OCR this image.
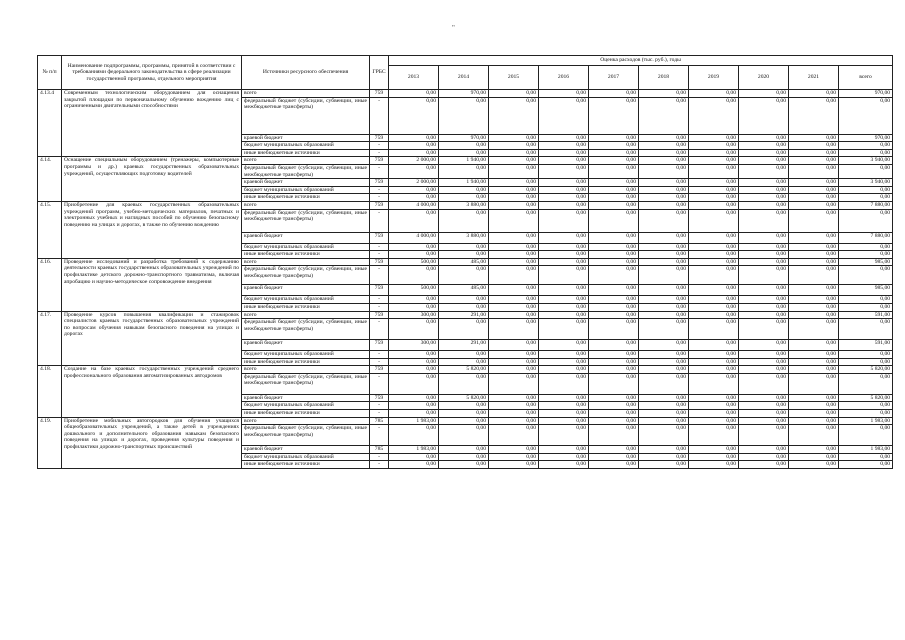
"
№ п/п	Наименование подпрограммы, программы, принятой в соответствии с требованиями федерального законодательства в сфере реализации государственной программы, отдельного мероприятия	Источники ресурсного обеспечения	ГРБС	Оценка расходов (тыс. руб.), годы									
				2013	2014	2015	2016	2017	2018	2019	2020	2021	всего
4.13.4	Современным технологическим оборудованием для оснащения закрытой площадки по первоначальному обучению вождению лиц с ограниченными двигательными способностями	всего	759	0,00	970,00	0,00	0,00	0,00	0,00	0,00	0,00	0,00	970,00
		федеральный бюджет (субсидии, субвенции, иные межбюджетные трансферты)	-	0,00	0,00	0,00	0,00	0,00	0,00	0,00	0,00	0,00	0,00
		краевой бюджет	759	0,00	970,00	0,00	0,00	0,00	0,00	0,00	0,00	0,00	970,00
		бюджет муниципальных образований	-	0,00	0,00	0,00	0,00	0,00	0,00	0,00	0,00	0,00	0,00
		иные внебюджетные источники	-	0,00	0,00	0,00	0,00	0,00	0,00	0,00	0,00	0,00	0,00
4.14.	Оснащение специальным оборудованием (тренажеры, компьютерные программы и др.) краевых государственных образовательных учреждений, осуществляющих подготовку водителей	всего	759	2 000,00	1 940,00	0,00	0,00	0,00	0,00	0,00	0,00	0,00	3 940,00
		федеральный бюджет (субсидии, субвенции, иные межбюджетные трансферты)	-	0,00	0,00	0,00	0,00	0,00	0,00	0,00	0,00	0,00	0,00
		краевой бюджет	759	2 000,00	1 940,00	0,00	0,00	0,00	0,00	0,00	0,00	0,00	3 940,00
		бюджет муниципальных образований	-	0,00	0,00	0,00	0,00	0,00	0,00	0,00	0,00	0,00	0,00
		иные внебюджетные источники	-	0,00	0,00	0,00	0,00	0,00	0,00	0,00	0,00	0,00	0,00
4.15.	Приобретение для краевых государственных образовательных учреждений программ, учебно-методических материалов, печатных и электронных учебных и наглядных пособий по обучению безопасному поведению на улицах и дорогах, в также по обучению вождению	всего	759	4 000,00	3 880,00	0,00	0,00	0,00	0,00	0,00	0,00	0,00	7 880,00
		федеральный бюджет (субсидии, субвенции, иные межбюджетные трансферты)	-	0,00	0,00	0,00	0,00	0,00	0,00	0,00	0,00	0,00	0,00
		краевой бюджет	759	4 000,00	3 880,00	0,00	0,00	0,00	0,00	0,00	0,00	0,00	7 880,00
		бюджет муниципальных образований	-	0,00	0,00	0,00	0,00	0,00	0,00	0,00	0,00	0,00	0,00
		иные внебюджетные источники	-	0,00	0,00	0,00	0,00	0,00	0,00	0,00	0,00	0,00	0,00
4.16.	Проведение исследований и разработка требований к содержанию деятельности краевых государственных образовательных учреждений по профилактике детского дорожно-транспортного травматизма, включая апробацию и научно-методическое сопровождение внедрения	всего	759	500,00	485,00	0,00	0,00	0,00	0,00	0,00	0,00	0,00	985,00
		федеральный бюджет (субсидии, субвенции, иные межбюджетные трансферты)	-	0,00	0,00	0,00	0,00	0,00	0,00	0,00	0,00	0,00	0,00
		краевой бюджет	759	500,00	485,00	0,00	0,00	0,00	0,00	0,00	0,00	0,00	985,00
		бюджет муниципальных образований	-	0,00	0,00	0,00	0,00	0,00	0,00	0,00	0,00	0,00	0,00
		иные внебюджетные источники	-	0,00	0,00	0,00	0,00	0,00	0,00	0,00	0,00	0,00	0,00
4.17.	Проведение курсов повышения квалификации и стажировок специалистов краевых государственных образовательных учреждений по вопросам обучения навыкам безопасного поведения на улицах и дорогах	всего	759	300,00	291,00	0,00	0,00	0,00	0,00	0,00	0,00	0,00	591,00
		федеральный бюджет (субсидии, субвенции, иные межбюджетные трансферты)	-	0,00	0,00	0,00	0,00	0,00	0,00	0,00	0,00	0,00	0,00
		краевой бюджет	759	300,00	291,00	0,00	0,00	0,00	0,00	0,00	0,00	0,00	591,00
		бюджет муниципальных образований	-	0,00	0,00	0,00	0,00	0,00	0,00	0,00	0,00	0,00	0,00
		иные внебюджетные источники	-	0,00	0,00	0,00	0,00	0,00	0,00	0,00	0,00	0,00	0,00
4.18.	Создание на базе краевых государственных учреждений среднего профессионального образования автоматизированных автодромов	всего	759	0,00	5 820,00	0,00	0,00	0,00	0,00	0,00	0,00	0,00	5 820,00
		федеральный бюджет (субсидии, субвенции, иные межбюджетные трансферты)	-	0,00	0,00	0,00	0,00	0,00	0,00	0,00	0,00	0,00	0,00
		краевой бюджет	759	0,00	5 820,00	0,00	0,00	0,00	0,00	0,00	0,00	0,00	5 820,00
		бюджет муниципальных образований	-	0,00	0,00	0,00	0,00	0,00	0,00	0,00	0,00	0,00	0,00
		иные внебюджетные источники	-	0,00	0,00	0,00	0,00	0,00	0,00	0,00	0,00	0,00	0,00
4.19.	Приобретение мобильных автогородков для обучения учащихся общеобразовательных учреждений, а также детей в учреждениях дошкольного и дополнительного образования навыкам безопасного поведения на улицах и дорогах, проведения культуры поведения и профилактики дорожно-транспортных происшествий	всего	785	1 983,00	0,00	0,00	0,00	0,00	0,00	0,00	0,00	0,00	1 983,00
		федеральный бюджет (субсидии, субвенции, иные межбюджетные трансферты)	-	0,00	0,00	0,00	0,00	0,00	0,00	0,00	0,00	0,00	0,00
		краевой бюджет	785	1 983,00	0,00	0,00	0,00	0,00	0,00	0,00	0,00	0,00	1 983,00
		бюджет муниципальных образований	-	0,00	0,00	0,00	0,00	0,00	0,00	0,00	0,00	0,00	0,00
		иные внебюджетные источники	-	0,00	0,00	0,00	0,00	0,00	0,00	0,00	0,00	0,00	0,00
